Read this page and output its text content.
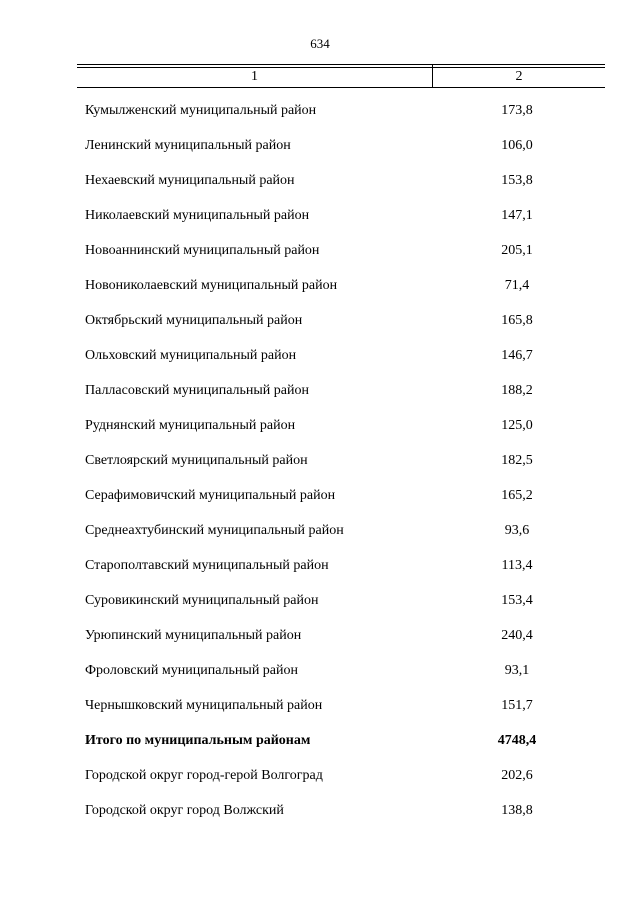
634
1	2
Кумылженский муниципальный район	173,8
Ленинский муниципальный район	106,0
Нехаевский муниципальный район	153,8
Николаевский муниципальный район	147,1
Новоаннинский муниципальный район	205,1
Новониколаевский муниципальный район	71,4
Октябрьский муниципальный район	165,8
Ольховский муниципальный район	146,7
Палласовский муниципальный район	188,2
Руднянский муниципальный район	125,0
Светлоярский муниципальный район	182,5
Серафимовичский муниципальный район	165,2
Среднеахтубинский муниципальный район	93,6
Старополтавский муниципальный район	113,4
Суровикинский муниципальный район	153,4
Урюпинский муниципальный район	240,4
Фроловский муниципальный район	93,1
Чернышковский муниципальный район	151,7
Итого по муниципальным районам	4748,4
Городской округ город-герой Волгоград	202,6
Городской округ город Волжский	138,8
